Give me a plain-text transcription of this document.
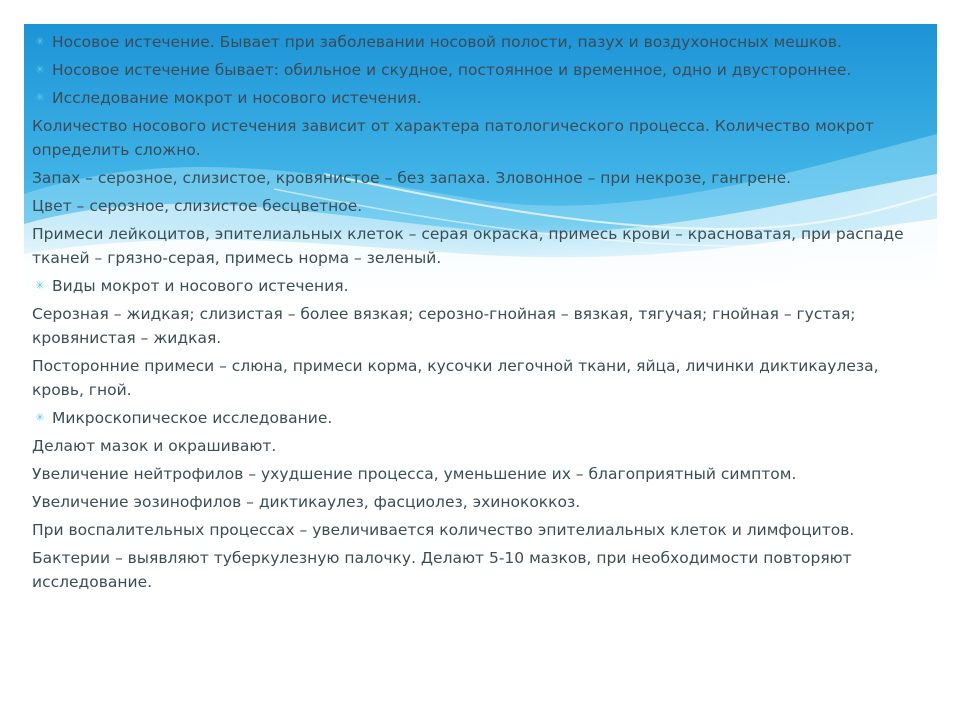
✳ Носовое истечение. Бывает при заболевании носовой полости, пазух и воздухоносных мешков.
✳ Носовое истечение бывает: обильное и скудное, постоянное и временное, одно и двустороннее.
✳ Исследование мокрот и носового истечения.
Количество носового истечения зависит от характера патологического процесса. Количество мокрот определить сложно.
Запах – серозное, слизистое, кровянистое – без запаха. Зловонное – при некрозе, гангрене.
Цвет – серозное, слизистое бесцветное.
Примеси лейкоцитов, эпителиальных клеток – серая окраска, примесь крови – красноватая, при распаде тканей – грязно-серая, примесь норма – зеленый.
✳ Виды мокрот и носового истечения.
Серозная – жидкая; слизистая – более вязкая; серозно-гнойная – вязкая, тягучая; гнойная – густая; кровянистая – жидкая.
Посторонние примеси – слюна, примеси корма, кусочки легочной ткани, яйца, личинки диктикаулеза, кровь, гной.
✳ Микроскопическое исследование.
Делают мазок и окрашивают.
Увеличение нейтрофилов – ухудшение процесса, уменьшение их – благоприятный симптом.
Увеличение эозинофилов – диктикаулез, фасциолез, эхинококкоз.
При воспалительных процессах – увеличивается количество эпителиальных клеток и лимфоцитов.
Бактерии – выявляют туберкулезную палочку. Делают 5-10 мазков, при необходимости повторяют исследование.
